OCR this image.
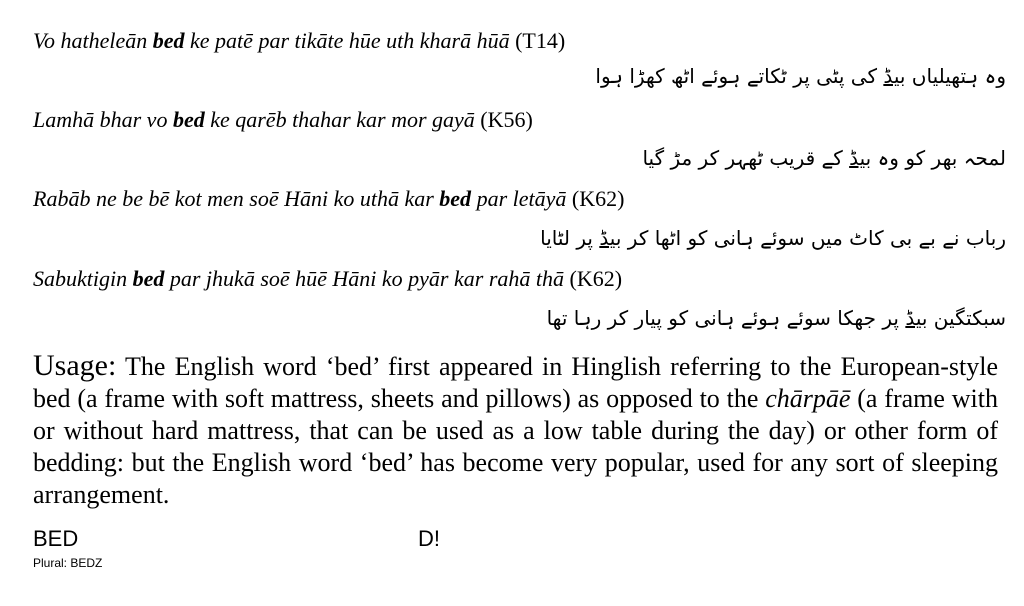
Vo hatheleān bed ke patē par tikāte hūe uth kharā hūā (T14)
وہ ہتھیلیاں بیڈ کی پٹی پر ٹکاتے ہوئے اٹھ کھڑا ہوا
Lamhā bhar vo bed ke qarēb thahar kar mor gayā (K56)
لمحہ بھر کو وہ بیڈ کے قریب ٹھہر کر مڑ گیا
Rabāb ne be bē kot men soē Hāni ko uthā kar bed par letāyā (K62)
رباب نے بے بی کاٹ میں سوئے ہانی کو اٹھا کر بیڈ پر لٹایا
Sabuktigin bed par jhukā soē hūē Hāni ko pyār kar rahā thā (K62)
سبکتگین بیڈ پر جھکا سوئے ہوئے ہانی کو پیار کر رہا تھا
Usage: The English word ‘bed’ first appeared in Hinglish referring to the European-style bed (a frame with soft mattress, sheets and pillows) as opposed to the chārpāē (a frame with or without hard mattress, that can be used as a low table during the day) or other form of bedding: but the English word ‘bed’ has become very popular, used for any sort of sleeping arrangement.
BED	D!
Plural: BEDZ
